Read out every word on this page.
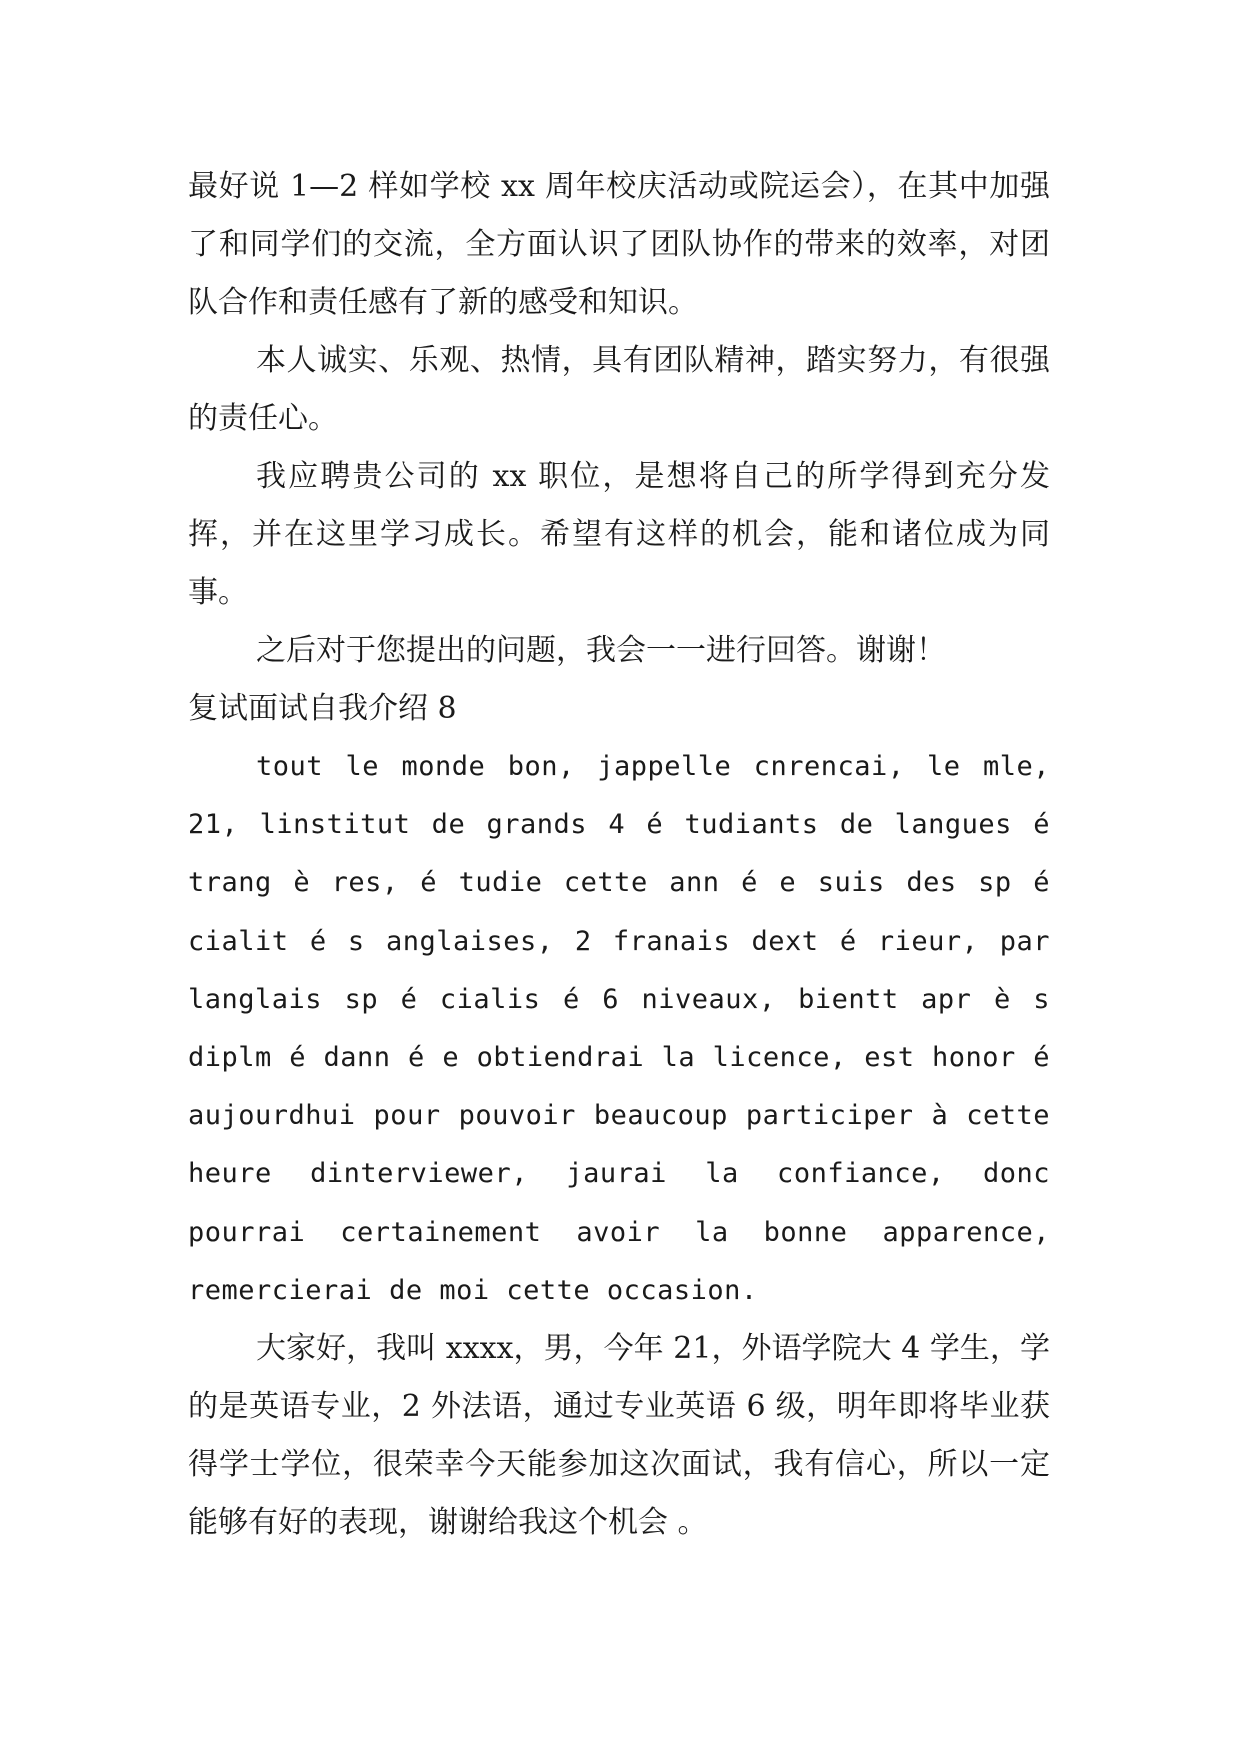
最好说 1—2 样如学校 xx 周年校庆活动或院运会），在其中加强了和同学们的交流，全方面认识了团队协作的带来的效率，对团队合作和责任感有了新的感受和知识。

本人诚实、乐观、热情，具有团队精神，踏实努力，有很强的责任心。

我应聘贵公司的 xx 职位，是想将自己的所学得到充分发挥，并在这里学习成长。希望有这样的机会，能和诸位成为同事。

之后对于您提出的问题，我会一一进行回答。谢谢！

复试面试自我介绍 8

tout le monde bon, jappelle cnrencai, le mle, 21, linstitut de grands 4 é tudiants de langues é trang è res, é tudie cette ann é e suis des sp é cialit é s anglaises, 2 franais dext é rieur, par langlais sp é cialis é 6 niveaux, bientt apr è s diplm é dann é e obtiendrai la licence, est honor é aujourdhui pour pouvoir beaucoup participer à cette heure dinterviewer, jaurai la confiance, donc pourrai certainement avoir la bonne apparence, remercierai de moi cette occasion.

大家好，我叫 xxxx，男，今年 21，外语学院大 4 学生，学的是英语专业，2 外法语，通过专业英语 6 级，明年即将毕业获得学士学位，很荣幸今天能参加这次面试，我有信心，所以一定能够有好的表现，谢谢给我这个机会 。
